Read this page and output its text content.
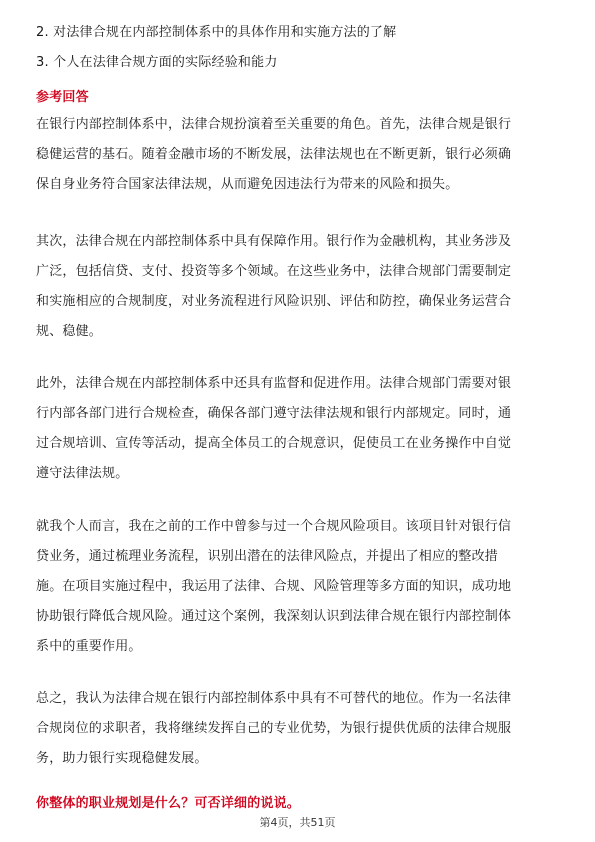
2. 对法律合规在内部控制体系中的具体作用和实施方法的了解
3. 个人在法律合规方面的实际经验和能力
参考回答
在银行内部控制体系中，法律合规扮演着至关重要的角色。首先，法律合规是银行
稳健运营的基石。随着金融市场的不断发展，法律法规也在不断更新，银行必须确
保自身业务符合国家法律法规，从而避免因违法行为带来的风险和损失。
其次，法律合规在内部控制体系中具有保障作用。银行作为金融机构，其业务涉及
广泛，包括信贷、支付、投资等多个领域。在这些业务中，法律合规部门需要制定
和实施相应的合规制度，对业务流程进行风险识别、评估和防控，确保业务运营合
规、稳健。
此外，法律合规在内部控制体系中还具有监督和促进作用。法律合规部门需要对银
行内部各部门进行合规检查，确保各部门遵守法律法规和银行内部规定。同时，通
过合规培训、宣传等活动，提高全体员工的合规意识，促使员工在业务操作中自觉
遵守法律法规。
就我个人而言，我在之前的工作中曾参与过一个合规风险项目。该项目针对银行信
贷业务，通过梳理业务流程，识别出潜在的法律风险点，并提出了相应的整改措
施。在项目实施过程中，我运用了法律、合规、风险管理等多方面的知识，成功地
协助银行降低合规风险。通过这个案例，我深刻认识到法律合规在银行内部控制体
系中的重要作用。
总之，我认为法律合规在银行内部控制体系中具有不可替代的地位。作为一名法律
合规岗位的求职者，我将继续发挥自己的专业优势，为银行提供优质的法律合规服
务，助力银行实现稳健发展。
你整体的职业规划是什么？可否详细的说说。
第4页，共51页
